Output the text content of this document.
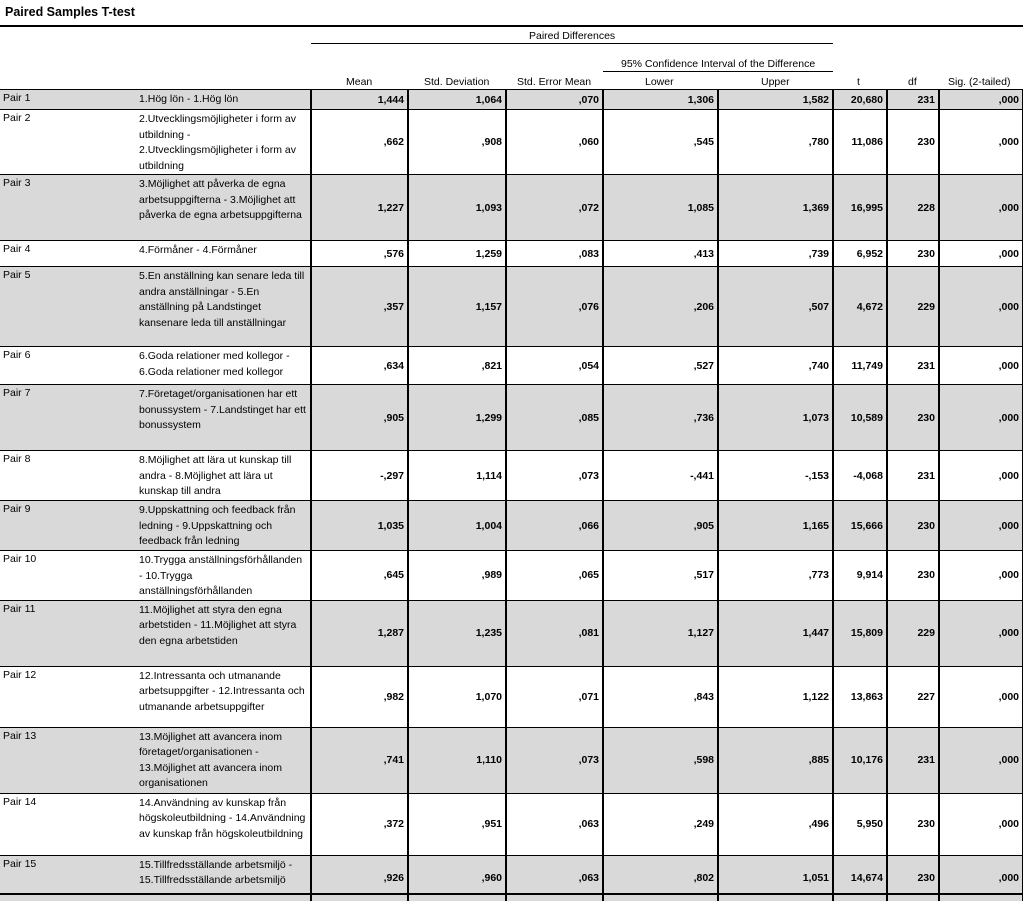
Paired Samples T-test
Paired Differences
95% Confidence Interval of the Difference
Mean	Std. Deviation	Std. Error Mean	Lower	Upper	t	df	Sig. (2-tailed)
Pair 1	1.Hög lön - 1.Hög lön	1,444	1,064	,070	1,306	1,582	20,680	231	,000
Pair 2	2.Utvecklingsmöjligheter i form av utbildning - 2.Utvecklingsmöjligheter i form av utbildning	,662	,908	,060	,545	,780	11,086	230	,000
Pair 3	3.Möjlighet att påverka de egna arbetsuppgifterna - 3.Möjlighet att påverka de egna arbetsuppgifterna	1,227	1,093	,072	1,085	1,369	16,995	228	,000
Pair 4	4.Förmåner - 4.Förmåner	,576	1,259	,083	,413	,739	6,952	230	,000
Pair 5	5.En anställning kan senare leda till andra anställningar - 5.En anställning på Landstinget kansenare leda till anställningar	,357	1,157	,076	,206	,507	4,672	229	,000
Pair 6	6.Goda relationer med kollegor - 6.Goda relationer med kollegor	,634	,821	,054	,527	,740	11,749	231	,000
Pair 7	7.Företaget/organisationen har ett bonussystem - 7.Landstinget har ett bonussystem	,905	1,299	,085	,736	1,073	10,589	230	,000
Pair 8	8.Möjlighet att lära ut kunskap till andra - 8.Möjlighet att lära ut kunskap till andra	-,297	1,114	,073	-,441	-,153	-4,068	231	,000
Pair 9	9.Uppskattning och feedback från ledning - 9.Uppskattning och feedback från ledning	1,035	1,004	,066	,905	1,165	15,666	230	,000
Pair 10	10.Trygga anställningsförhållanden - 10.Trygga anställningsförhållanden	,645	,989	,065	,517	,773	9,914	230	,000
Pair 11	11.Möjlighet att styra den egna arbetstiden - 11.Möjlighet att styra den egna arbetstiden	1,287	1,235	,081	1,127	1,447	15,809	229	,000
Pair 12	12.Intressanta och utmanande arbetsuppgifter - 12.Intressanta och utmanande arbetsuppgifter	,982	1,070	,071	,843	1,122	13,863	227	,000
Pair 13	13.Möjlighet att avancera inom företaget/organisationen - 13.Möjlighet att avancera inom organisationen	,741	1,110	,073	,598	,885	10,176	231	,000
Pair 14	14.Användning av kunskap från högskoleutbildning - 14.Användning av kunskap från högskoleutbildning	,372	,951	,063	,249	,496	5,950	230	,000
Pair 15	15.Tillfredsställande arbetsmiljö - 15.Tillfredsställande arbetsmiljö	,926	,960	,063	,802	1,051	14,674	230	,000
